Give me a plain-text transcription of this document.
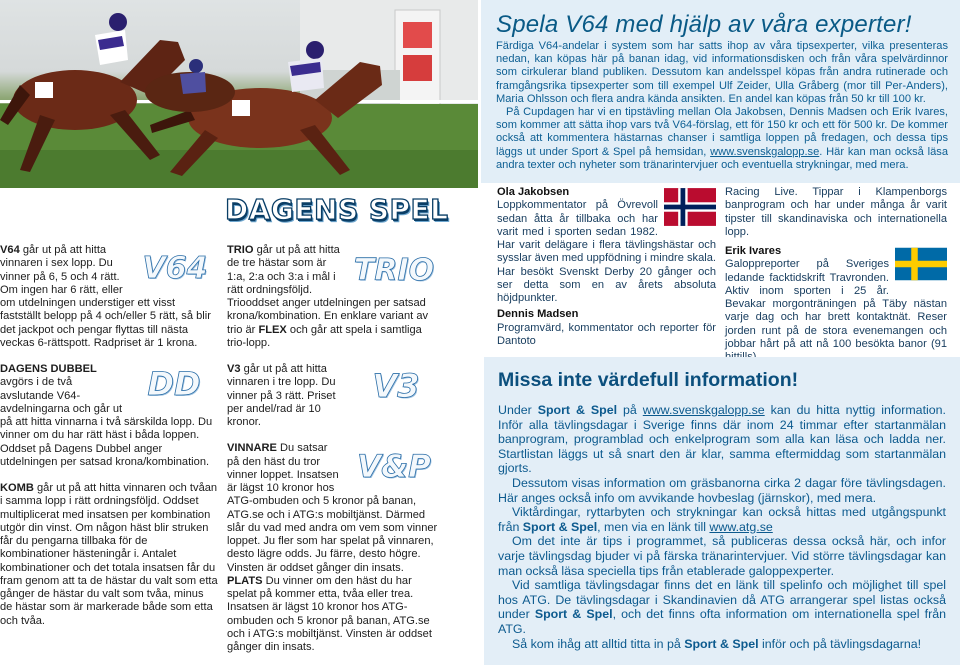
Spela V64 med hjälp av våra experter!

Färdiga V64-andelar i system som har satts ihop av våra tipsexperter, vilka presenteras nedan, kan köpas här på banan idag, vid informationsdisken och från våra spelvärdinnor som cirkulerar bland publiken. Dessutom kan andelsspel köpas från andra rutinerade och framgångsrika tipsexperter som till exempel Ulf Zeider, Ulla Gråberg (mor till Per-Anders), Maria Ohlsson och flera andra kända ansikten. En andel kan köpas från 50 kr till 100 kr.

På Cupdagen har vi en tipstävling mellan Ola Jakobsen, Dennis Madsen och Erik Ivares, som kommer att sätta ihop vars två V64-förslag, ett för 150 kr och ett för 500 kr. De kommer också att kommentera hästarnas chanser i samtliga loppen på fredagen, och dessa tips läggs ut under Sport & Spel på hemsidan, www.svenskgalopp.se. Här kan man också läsa andra texter och nyheter som tränarintervjuer och eventuella strykningar, med mera.

DAGENS SPEL

V64
V64 går ut på att hitta vinnaren i sex lopp. Du vinner på 6, 5 och 4 rätt. Om ingen har 6 rätt, eller om utdelningen understiger ett visst fastställt belopp på 4 och/eller 5 rätt, så blir det jackpot och pengar flyttas till nästa veckas 6-rättspott. Radpriset är 1 krona.

DD
DAGENS DUBBEL
avgörs i de två avslutande V64-avdelningarna och går ut på att hitta vinnarna i två särskilda lopp. Du vinner om du har rätt häst i båda loppen. Oddset på Dagens Dubbel anger utdelningen per satsad krona/kombination.

KOMB går ut på att hitta vinnaren och tvåan i samma lopp i rätt ordningsföljd. Oddset multiplicerat med insatsen per kombination utgör din vinst. Om någon häst blir struken får du pengarna tillbaka för de kombinationer hästeningår i. Antalet kombinationer och det totala insatsen får du fram genom att ta de hästar du valt som etta gånger de hästar du valt som tvåa, minus de hästar som är markerade både som etta och tvåa.

TRIO
TRIO går ut på att hitta de tre hästar som är 1:a, 2:a och 3:a i mål i rätt ordningsföljd. Triooddset anger utdelningen per satsad krona/kombination. En enklare variant av trio är FLEX och går att spela i samtliga trio-lopp.

V3
V3 går ut på att hitta vinnaren i tre lopp. Du vinner på 3 rätt. Priset per andel/rad är 10 kronor.

V&P
VINNARE Du satsar på den häst du tror vinner loppet. Insatsen är lägst 10 kronor hos ATG-ombuden och 5 kronor på banan, ATG.se och i ATG:s mobiltjänst. Därmed slår du vad med andra om vem som vinner loppet. Ju fler som har spelat på vinnaren, desto lägre odds. Ju färre, desto högre. Vinsten är oddset gånger din insats.
PLATS Du vinner om den häst du har spelat på kommer etta, tvåa eller trea. Insatsen är lägst 10 kronor hos ATG-ombuden och 5 kronor på banan, ATG.se och i ATG:s mobiltjänst. Vinsten är oddset gånger din insats.

Ola Jakobsen
Loppkommentator på Övrevoll sedan åtta år tillbaka och har varit med i sporten sedan 1982. Har varit delägare i flera tävlingshästar och sysslar även med uppfödning i mindre skala. Har besökt Svenskt Derby 20 gånger och ser detta som en av årets absoluta höjdpunkter.

Dennis Madsen
Programvärd, kommentator och reporter för Dantoto

Racing Live. Tippar i Klampenborgs banprogram och har under många år varit tipster till skandinaviska och internationella lopp.

Erik Ivares
Galoppreporter på Sveriges ledande facktidskrift Travronden. Aktiv inom sporten i 25 år. Bevakar morgonträningen på Täby nästan varje dag och har brett kontaktnät. Reser jorden runt på de stora evenemangen och jobbar hårt på att nå 100 besökta banor (91

Missa inte värdefull information!

Under Sport & Spel på www.svenskgalopp.se kan du hitta nyttig information. Inför alla tävlingsdagar i Sverige finns där inom 24 timmar efter startanmälan banprogram, programblad och enkelprogram som alla kan läsa och ladda ner. Startlistan läggs ut så snart den är klar, samma eftermiddag som startanmälan gjorts.

Dessutom visas information om gräsbanorna cirka 2 dagar före tävlingsdagen. Här anges också info om avvikande hovbeslag (järnskor), med mera.

Viktårdingar, ryttarbyten och strykningar kan också hittas med utgångspunkt från Sport & Spel, men via en länk till www.atg.se

Om det inte är tips i programmet, så publiceras dessa också här, och infor varje tävlingsdag bjuder vi på färska tränarintervjuer. Vid större tävlingsdagar kan man också läsa speciella tips från etablerade galoppexperter.

Vid samtliga tävlingsdagar finns det en länk till spelinfo och möjlighet till spel hos ATG. De tävlingsdagar i Skandinavien då ATG arrangerar spel listas också under Sport & Spel, och det finns ofta information om internationella spel från ATG.

Så kom ihåg att alltid titta in på Sport & Spel inför och på tävlingsdagarna!
